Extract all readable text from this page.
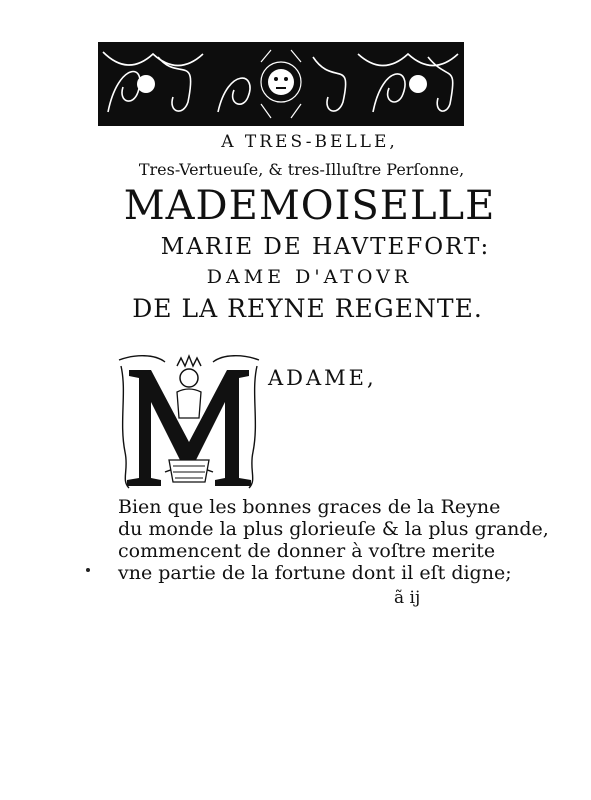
A TRES-BELLE,
Tres-Vertueuſe, & tres-Illuſtre Perſonne,
MADEMOISELLE
MARIE DE HAVTEFORT:
DAME D'ATOVR
DE LA REYNE REGENTE.
ADAME,
Bien que les bonnes graces de la Reyne
du monde la plus glorieuſe & la plus grande,
commencent de donner à voſtre merite
vne partie de la fortune dont il eſt digne;
ã ij
